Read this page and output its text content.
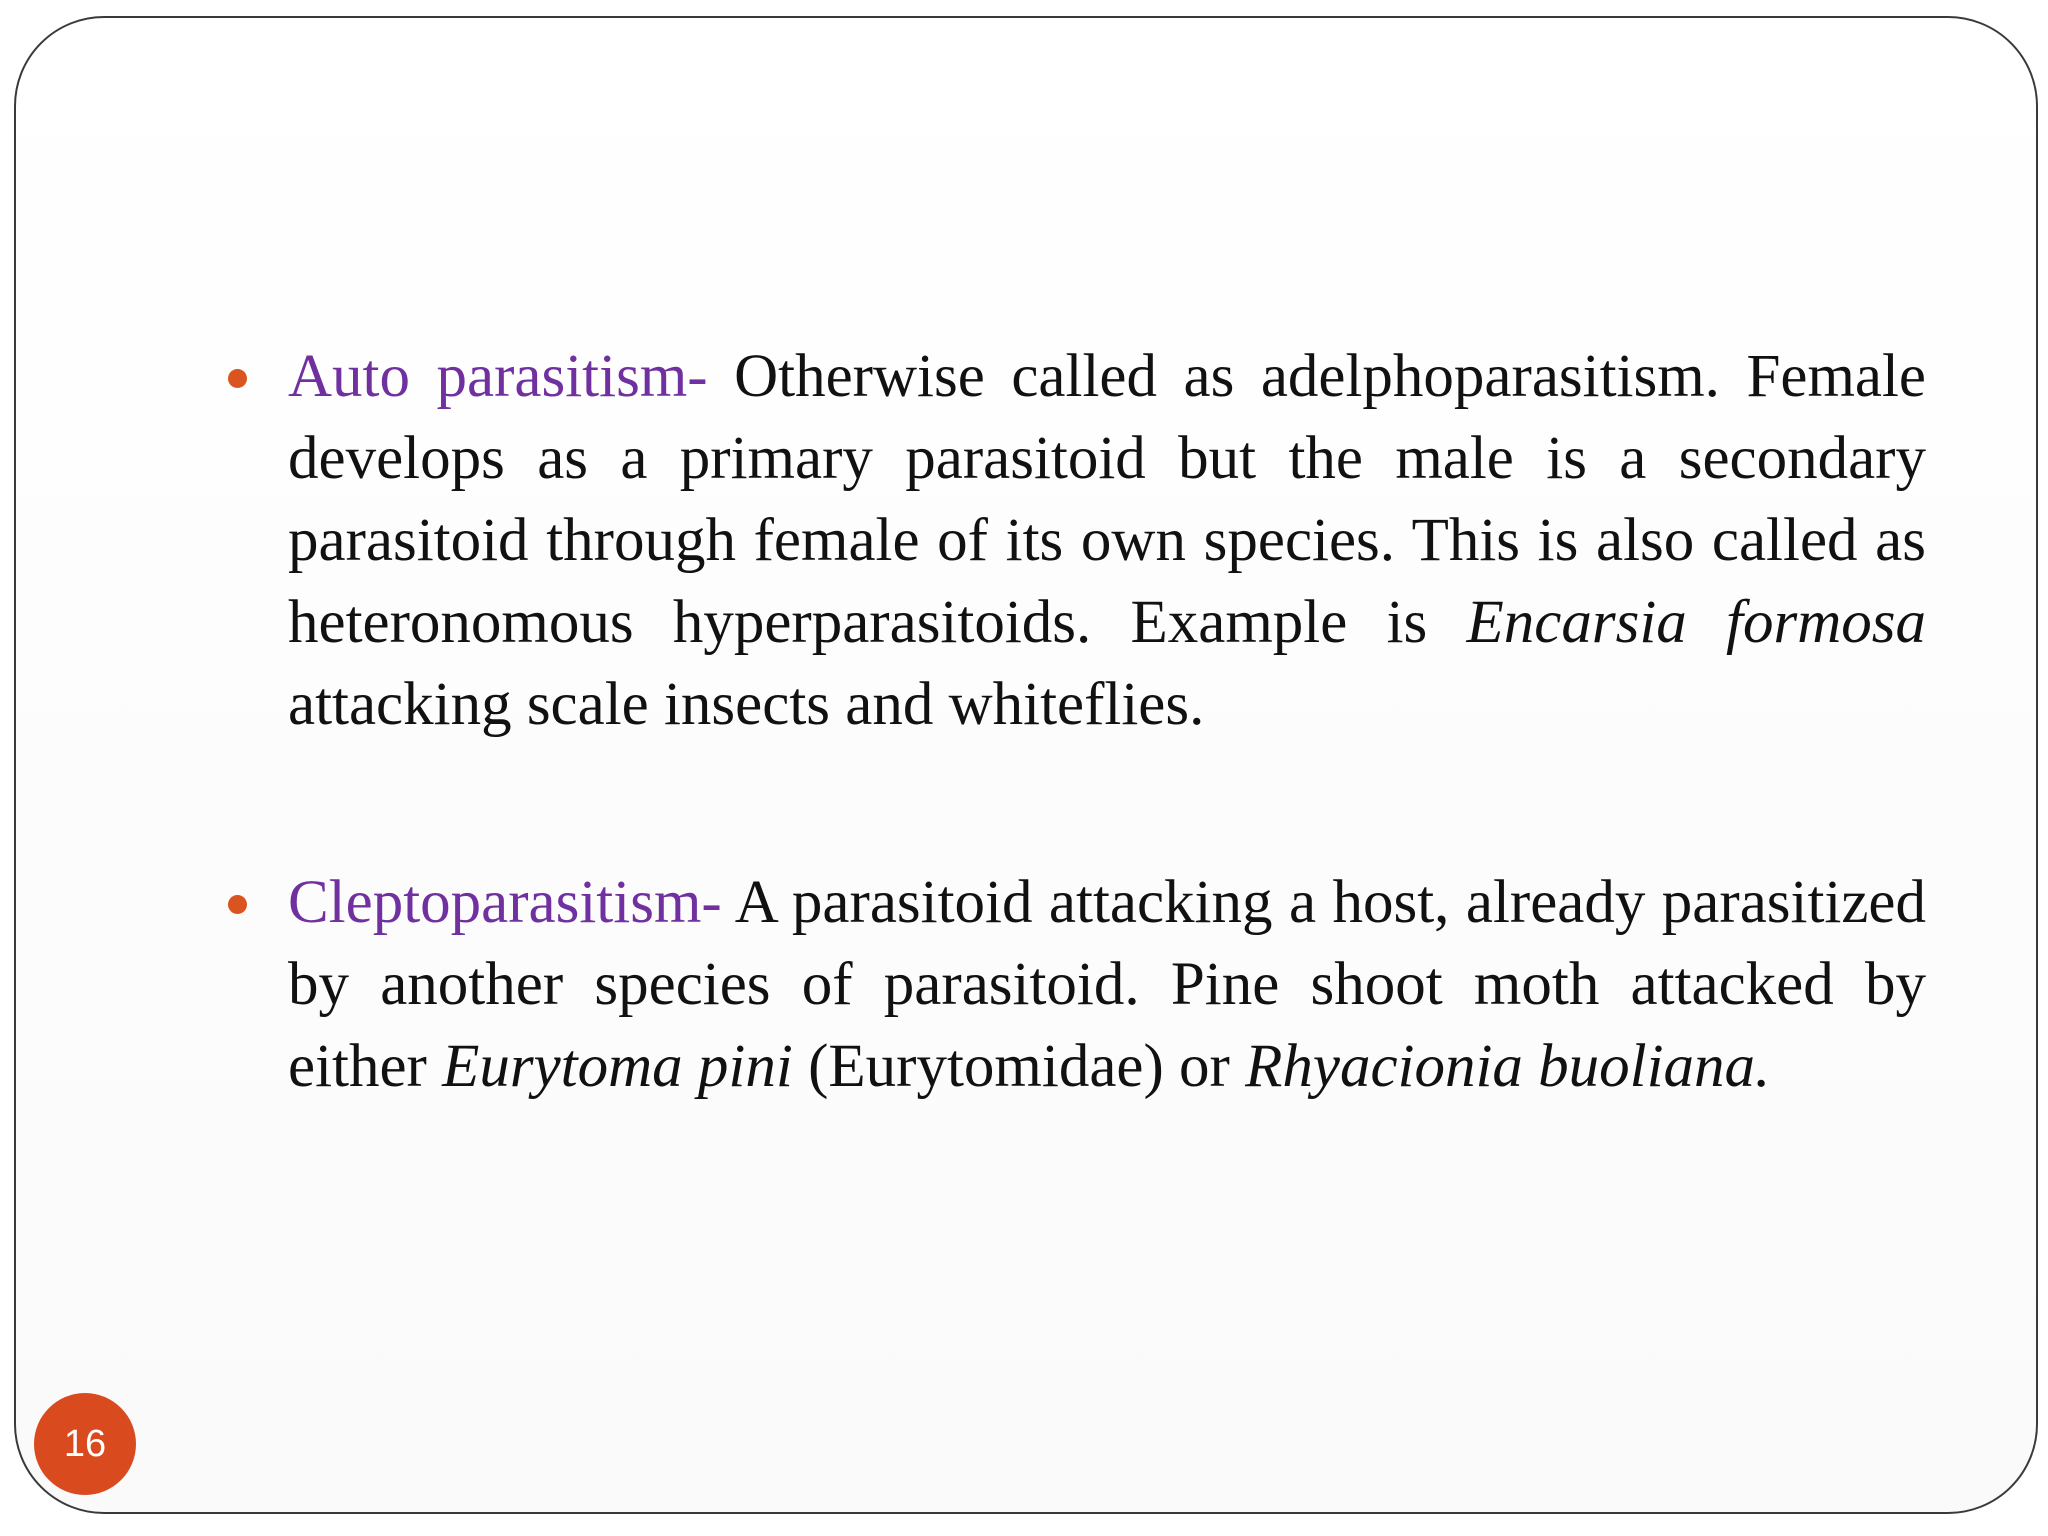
Auto parasitism- Otherwise called as adelphoparasitism. Female develops as a primary parasitoid but the male is a secondary parasitoid through female of its own species. This is also called as heteronomous hyperparasitoids. Example is Encarsia formosa attacking scale insects and whiteflies.

Cleptoparasitism- A parasitoid attacking a host, already parasitized by another species of parasitoid. Pine shoot moth attacked by either Eurytoma pini (Eurytomidae) or Rhyacionia buoliana.

16
